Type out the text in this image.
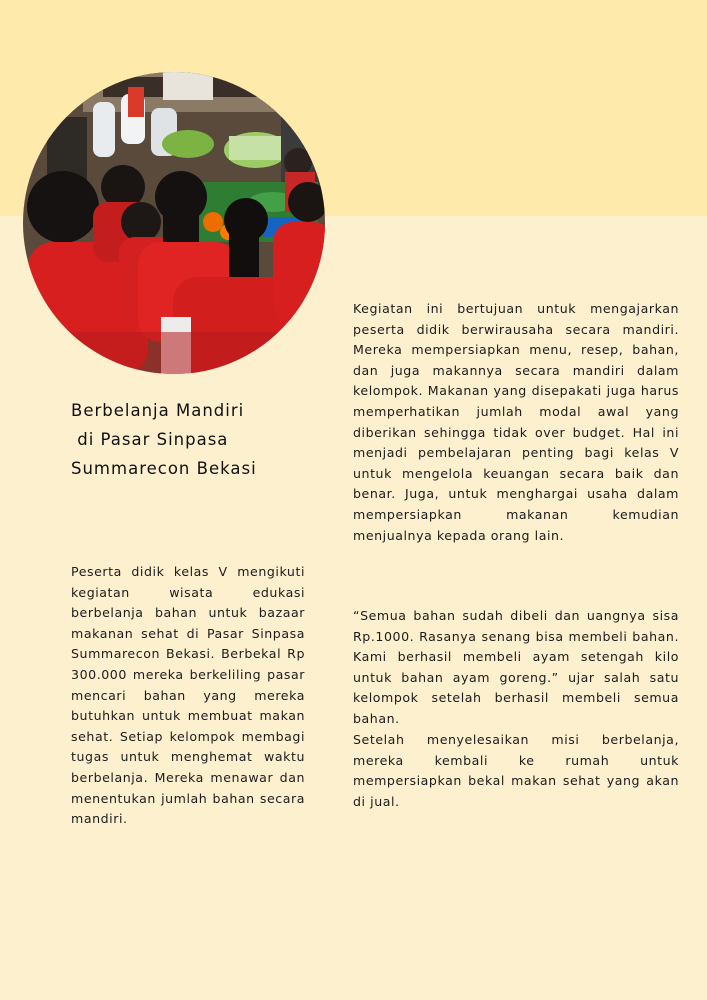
Berbelanja Mandiri
di Pasar Sinpasa
Summarecon Bekasi

Peserta didik kelas V mengikuti kegiatan wisata edukasi berbelanja bahan untuk bazaar makanan sehat di Pasar Sinpasa Summarecon Bekasi. Berbekal Rp 300.000 mereka berkeliling pasar mencari bahan yang mereka butuhkan untuk membuat makan sehat. Setiap kelompok membagi tugas untuk menghemat waktu berbelanja. Mereka menawar dan menentukan jumlah bahan secara mandiri.

Kegiatan ini bertujuan untuk mengajarkan peserta didik berwirausaha secara mandiri. Mereka mempersiapkan menu, resep, bahan, dan juga makannya secara mandiri dalam kelompok. Makanan yang disepakati juga harus memperhatikan jumlah modal awal yang diberikan sehingga tidak over budget. Hal ini menjadi pembelajaran penting bagi kelas V untuk mengelola keuangan secara baik dan benar. Juga, untuk menghargai usaha dalam mempersiapkan makanan kemudian menjualnya kepada orang lain.

“Semua bahan sudah dibeli dan uangnya sisa Rp.1000. Rasanya senang bisa membeli bahan. Kami berhasil membeli ayam setengah kilo untuk bahan ayam goreng.” ujar salah satu kelompok setelah berhasil membeli semua bahan.

Setelah menyelesaikan misi berbelanja, mereka kembali ke rumah untuk mempersiapkan bekal makan sehat yang akan di jual.
